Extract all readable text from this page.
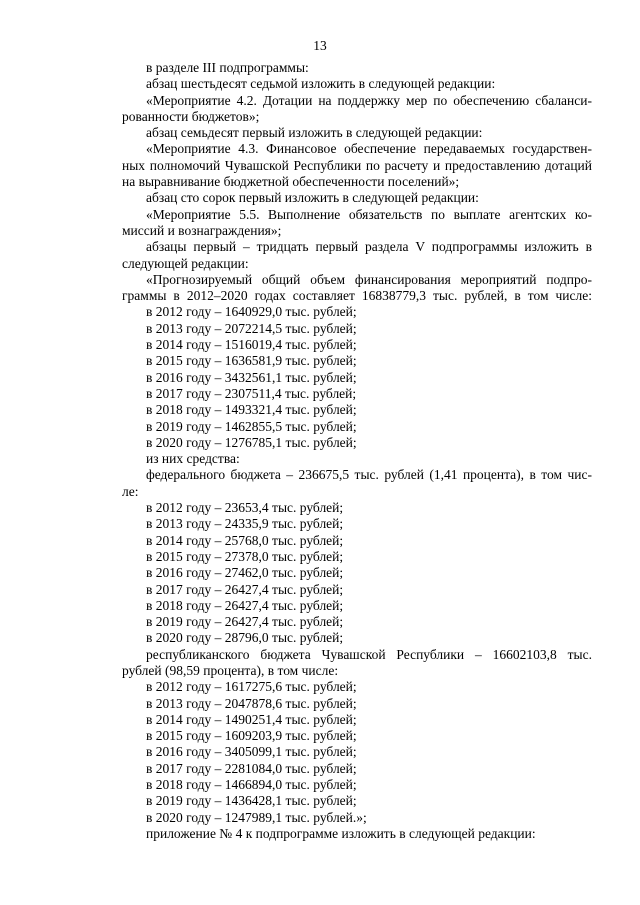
13
в разделе III подпрограммы:
абзац шестьдесят седьмой изложить в следующей редакции:
«Мероприятие 4.2. Дотации на поддержку мер по обеспечению сбаланси-
рованности бюджетов»;
абзац семьдесят первый изложить в следующей редакции:
«Мероприятие 4.3. Финансовое обеспечение передаваемых государствен-
ных полномочий Чувашской Республики по расчету и предоставлению дотаций
на выравнивание бюджетной обеспеченности поселений»;
абзац сто сорок первый изложить в следующей редакции:
«Мероприятие 5.5. Выполнение обязательств по выплате агентских ко-
миссий и вознаграждения»;
абзацы первый – тридцать первый раздела V подпрограммы изложить в
следующей редакции:
«Прогнозируемый общий объем финансирования мероприятий подпро-
граммы в 2012–2020 годах составляет 16838779,3 тыс. рублей, в том числе:
в 2012 году – 1640929,0 тыс. рублей;
в 2013 году – 2072214,5 тыс. рублей;
в 2014 году – 1516019,4 тыс. рублей;
в 2015 году – 1636581,9 тыс. рублей;
в 2016 году – 3432561,1 тыс. рублей;
в 2017 году – 2307511,4 тыс. рублей;
в 2018 году – 1493321,4 тыс. рублей;
в 2019 году – 1462855,5 тыс. рублей;
в 2020 году – 1276785,1 тыс. рублей;
из них средства:
федерального бюджета – 236675,5 тыс. рублей (1,41 процента), в том чис-
ле:
в 2012 году – 23653,4 тыс. рублей;
в 2013 году – 24335,9 тыс. рублей;
в 2014 году – 25768,0 тыс. рублей;
в 2015 году – 27378,0 тыс. рублей;
в 2016 году – 27462,0 тыс. рублей;
в 2017 году – 26427,4 тыс. рублей;
в 2018 году – 26427,4 тыс. рублей;
в 2019 году – 26427,4 тыс. рублей;
в 2020 году – 28796,0 тыс. рублей;
республиканского бюджета Чувашской Республики – 16602103,8 тыс.
рублей (98,59 процента), в том числе:
в 2012 году – 1617275,6 тыс. рублей;
в 2013 году – 2047878,6 тыс. рублей;
в 2014 году – 1490251,4 тыс. рублей;
в 2015 году – 1609203,9 тыс. рублей;
в 2016 году – 3405099,1 тыс. рублей;
в 2017 году – 2281084,0 тыс. рублей;
в 2018 году – 1466894,0 тыс. рублей;
в 2019 году – 1436428,1 тыс. рублей;
в 2020 году – 1247989,1 тыс. рублей.»;
приложение № 4 к подпрограмме изложить в следующей редакции:
